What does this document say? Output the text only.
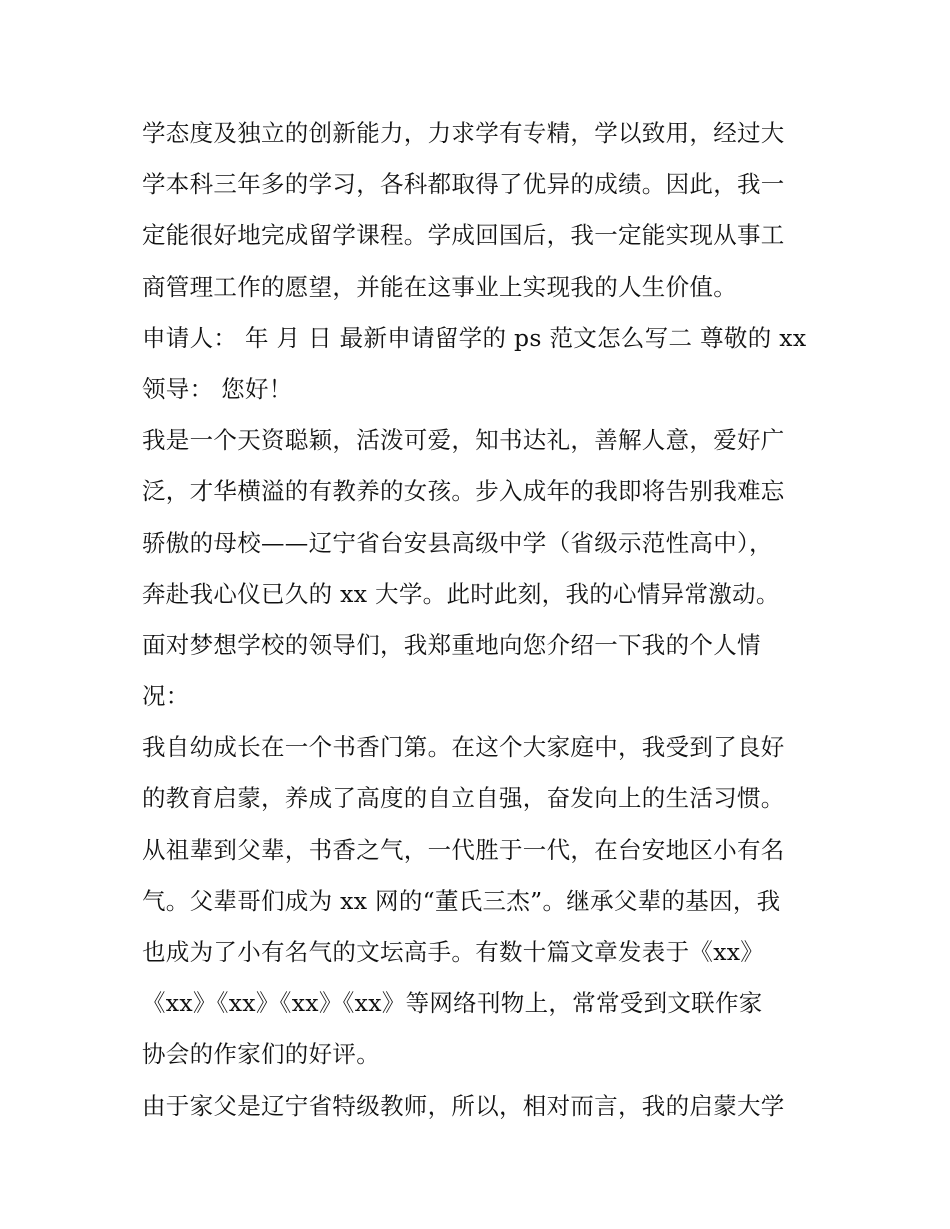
学态度及独立的创新能力，力求学有专精，学以致用，经过大
学本科三年多的学习，各科都取得了优异的成绩。因此，我一
定能很好地完成留学课程。学成回国后，我一定能实现从事工
商管理工作的愿望，并能在这事业上实现我的人生价值。
申请人： 年 月 日 最新申请留学的 ps 范文怎么写二 尊敬的 xx
领导： 您好！
我是一个天资聪颖，活泼可爱，知书达礼，善解人意，爱好广
泛，才华横溢的有教养的女孩。步入成年的我即将告别我难忘
骄傲的母校——辽宁省台安县高级中学（省级示范性高中），
奔赴我心仪已久的 xx 大学。此时此刻，我的心情异常激动。
面对梦想学校的领导们，我郑重地向您介绍一下我的个人情
况：
我自幼成长在一个书香门第。在这个大家庭中，我受到了良好
的教育启蒙，养成了高度的自立自强，奋发向上的生活习惯。
从祖辈到父辈，书香之气，一代胜于一代，在台安地区小有名
气。父辈哥们成为 xx 网的“董氏三杰”。继承父辈的基因，我
也成为了小有名气的文坛高手。有数十篇文章发表于《xx》
《xx》《xx》《xx》《xx》等网络刊物上，常常受到文联作家
协会的作家们的好评。
由于家父是辽宁省特级教师，所以，相对而言，我的启蒙大学
